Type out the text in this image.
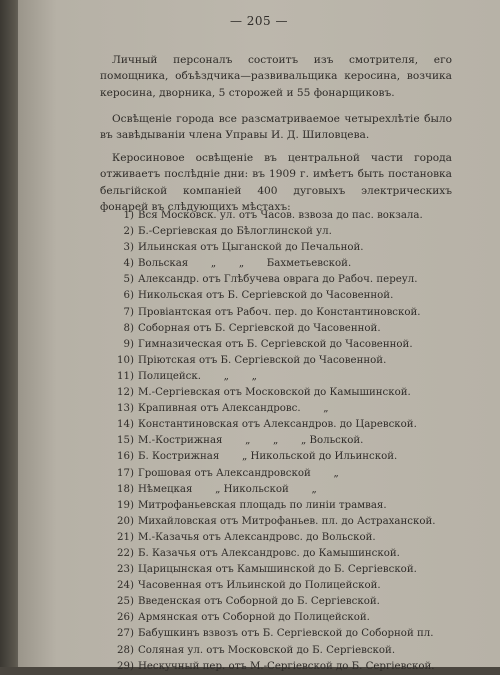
— 205 —

Личный персоналъ состоитъ изъ смотрителя, его помощника, объѣздчика—развивальщика керосина, возчика керосина, дворника, 5 сторожей и 55 фонарщиковъ.

Освѣщеніе города все разсматриваемое четырехлѣтіе было въ завѣдываніи члена Управы И. Д. Шиловцева.

Керосиновое освѣщеніе въ центральной части города отживаетъ послѣдніе дни: въ 1909 г. имѣетъ быть постановка бельгійской компаніей 400 дуговыхъ электрическихъ фонарей въ слѣдующихъ мѣстахъ:

1) Вся Московск. ул. отъ Часов. взвоза до пас. вокзала.
2) Б.-Сергіевская до Бѣлоглинской ул.
3) Ильинская отъ Цыганской до Печальной.
4) Вольская       „       „       Бахметьевской.
5) Александр. отъ Глѣбучева оврага до Рабоч. переул.
6) Никольская отъ Б. Сергіевской до Часовенной.
7) Провіантская отъ Рабоч. пер. до Константиновской.
8) Соборная отъ Б. Сергіевской до Часовенной.
9) Гимназическая отъ Б. Сергіевской до Часовенной.
10) Пріютская отъ Б. Сергіевской до Часовенной.
11) Полицейск.       „       „
12) М.-Сергіевская отъ Московской до Камышинской.
13) Крапивная отъ Александровс.       „
14) Константиновская отъ Александров. до Царевской.
15) М.-Кострижная       „       „       „ Вольской.
16) Б. Кострижная       „ Никольской до Ильинской.
17) Грошовая отъ Александровской       „
18) Нѣмецкая       „ Никольской       „
19) Митрофаньевская площадь по линіи трамвая.
20) Михайловская отъ Митрофаньев. пл. до Астраханской.
21) М.-Казачья отъ Александровс. до Вольской.
22) Б. Казачья отъ Александровс. до Камышинской.
23) Царицынская отъ Камышинской до Б. Сергіевской.
24) Часовенная отъ Ильинской до Полицейской.
25) Введенская отъ Соборной до Б. Сергіевской.
26) Армянская отъ Соборной до Полицейской.
27) Бабушкинъ взвозъ отъ Б. Сергіевской до Соборной пл.
28) Соляная ул. отъ Московской до Б. Сергіевской.
29) Нескучный пер. отъ М.-Сергіевской до Б. Сергіевской.
